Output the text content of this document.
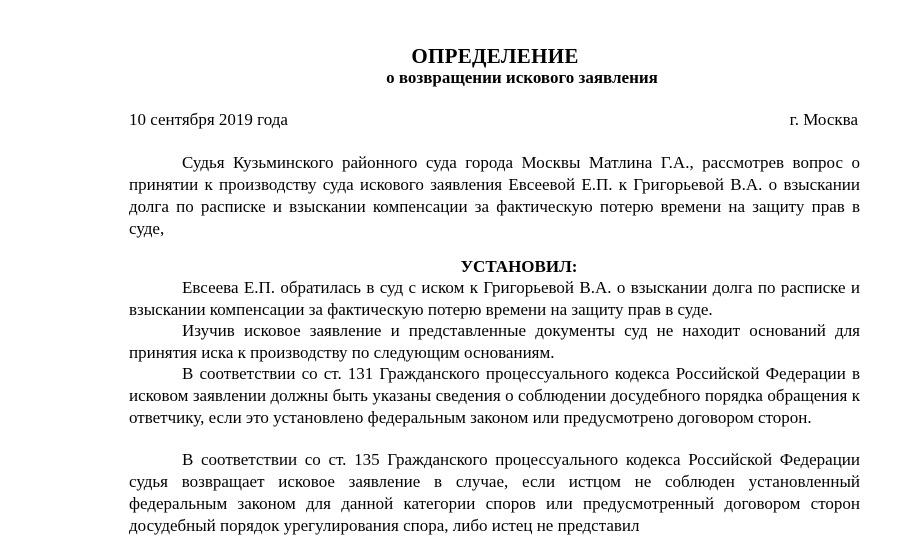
ОПРЕДЕЛЕНИЕ
о возвращении искового заявления
10 сентября 2019 года	г. Москва

Судья Кузьминского районного суда города Москвы Матлина Г.А., рассмотрев вопрос о принятии к производству суда искового заявления Евсеевой Е.П. к Григорьевой В.А. о взыскании долга по расписке и взыскании компенсации за фактическую потерю времени на защиту прав в суде,

УСТАНОВИЛ:

Евсеева Е.П. обратилась в суд с иском к Григорьевой В.А. о взыскании долга по расписке и взыскании компенсации за фактическую потерю времени на защиту прав в суде.

Изучив исковое заявление и представленные документы суд не находит оснований для принятия иска к производству по следующим основаниям.

В соответствии со ст. 131 Гражданского процессуального кодекса Российской Федерации в исковом заявлении должны быть указаны сведения о соблюдении досудебного порядка обращения к ответчику, если это установлено федеральным законом или предусмотрено договором сторон.

В соответствии со ст. 135 Гражданского процессуального кодекса Российской Федерации судья возвращает исковое заявление в случае, если истцом не соблюден установленный федеральным законом для данной категории споров или предусмотренный договором сторон досудебный порядок урегулирования спора, либо истец не представил
